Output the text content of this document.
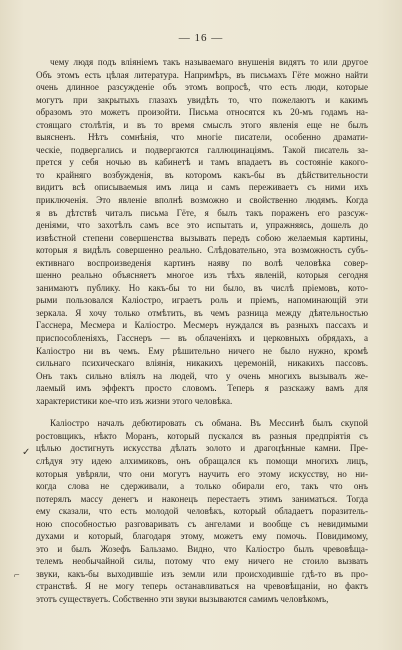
— 16 —
чему людя подъ вліяніемъ такъ называемаго внушенія видятъ то или другое
Объ этомъ есть цѣлая литература. Напримѣръ, въ письмахъ Гёте можно найти
очень длинное разсужденіе объ этомъ вопросѣ, что есть люди, которые
могутъ при закрытыхъ глазахъ увидѣть то, что пожелаютъ и какимъ
образомъ это можетъ произойти. Письма относятся къ 20-мъ годамъ на-
стоящаго столѣтія, и въ то время смыслъ этого явленія еще не былъ
выясненъ. Нѣтъ сомнѣнія, что многіе писатели, особенно драмати-
ческіе, подвергались и подвергаются галлюцинаціямъ. Такой писатель за-
прется у себя ночью въ кабинетѣ и тамъ впадаетъ въ состояніе какого-
то крайняго возбужденія, въ которомъ какъ-бы въ дѣйствительности
видитъ всѣ описываемыя имъ лица и самъ переживаетъ съ ними ихъ
приключенія. Это явленіе вполнѣ возможно и свойственно людямъ. Когда
я въ дѣтствѣ читалъ письма Гёте, я былъ такъ пораженъ его разсуж-
деніями, что захотѣлъ самъ все это испытать и, упражняясь, дошелъ до
извѣстной степени совершенства вызывать передъ собою желаемыя картины,
которыя я видѣлъ совершенно реально. Слѣдовательно, эта возможность субъ-
ективнаго воспроизведенія картинъ наяву по волѣ человѣка совер-
шенно реально объясняетъ многое изъ тѣхъ явленій, которыя сегодня
занимаютъ публику. Но какъ-бы то ни было, въ числѣ пріемовъ, кото-
рыми пользовался Каліостро, играетъ роль и пріемъ, напоминающій эти
зеркала. Я хочу только отмѣтить, въ чемъ разница между дѣятельностью
Гасснера, Месмера и Каліостро. Месмеръ нуждался въ разныхъ пассахъ и
приспособленіяхъ, Гасснеръ — въ облаченіяхъ и церковныхъ обрядахъ, а
Каліостро ни въ чемъ. Ему рѣшительно ничего не было нужно, кромѣ
сильнаго психическаго вліянія, никакихъ церемоній, никакихъ пассовъ.
Онъ такъ сильно вліялъ на людей, что у очень многихъ вызывалъ же-
лаемый имъ эффектъ просто словомъ. Теперь я разскажу вамъ для
характеристики кое-что изъ жизни этого человѣка.
Каліостро началъ дебютировать съ обмана. Въ Мессинѣ былъ скупой
ростовщикъ, нѣкто Моранъ, который пускался въ разныя предпріятія съ
цѣлью достигнуть искусства дѣлать золото и драгоцѣнные камни. Пре-
слѣдуя эту идею алхимиковъ, онъ обращался къ помощи многихъ лицъ,
которыя увѣряли, что они могутъ научить его этому искусству, но ни-
когда слова не сдерживали, а только обирали его, такъ что онъ
потерялъ массу денегъ и наконецъ перестаетъ этимъ заниматься. Тогда
ему сказали, что есть молодой человѣкъ, который обладаетъ поразитель-
ною способностью разговаривать съ ангелами и вообще съ невидимыми
духами и который, благодаря этому, можетъ ему помочь. Повидимому,
это и былъ Жозефъ Бальзамо. Видно, что Каліостро былъ чревовѣща-
телемъ необычайной силы, потому что ему ничего не стоило вызвать
звуки, какъ-бы выходившіе изъ земли или происходившіе гдѣ-то въ про-
странствѣ. Я не могу теперь останавливаться на чревовѣщаніи, но фактъ
этотъ существуетъ. Собственно эти звуки вызываются самимъ человѣкомъ,
✓
⌐
